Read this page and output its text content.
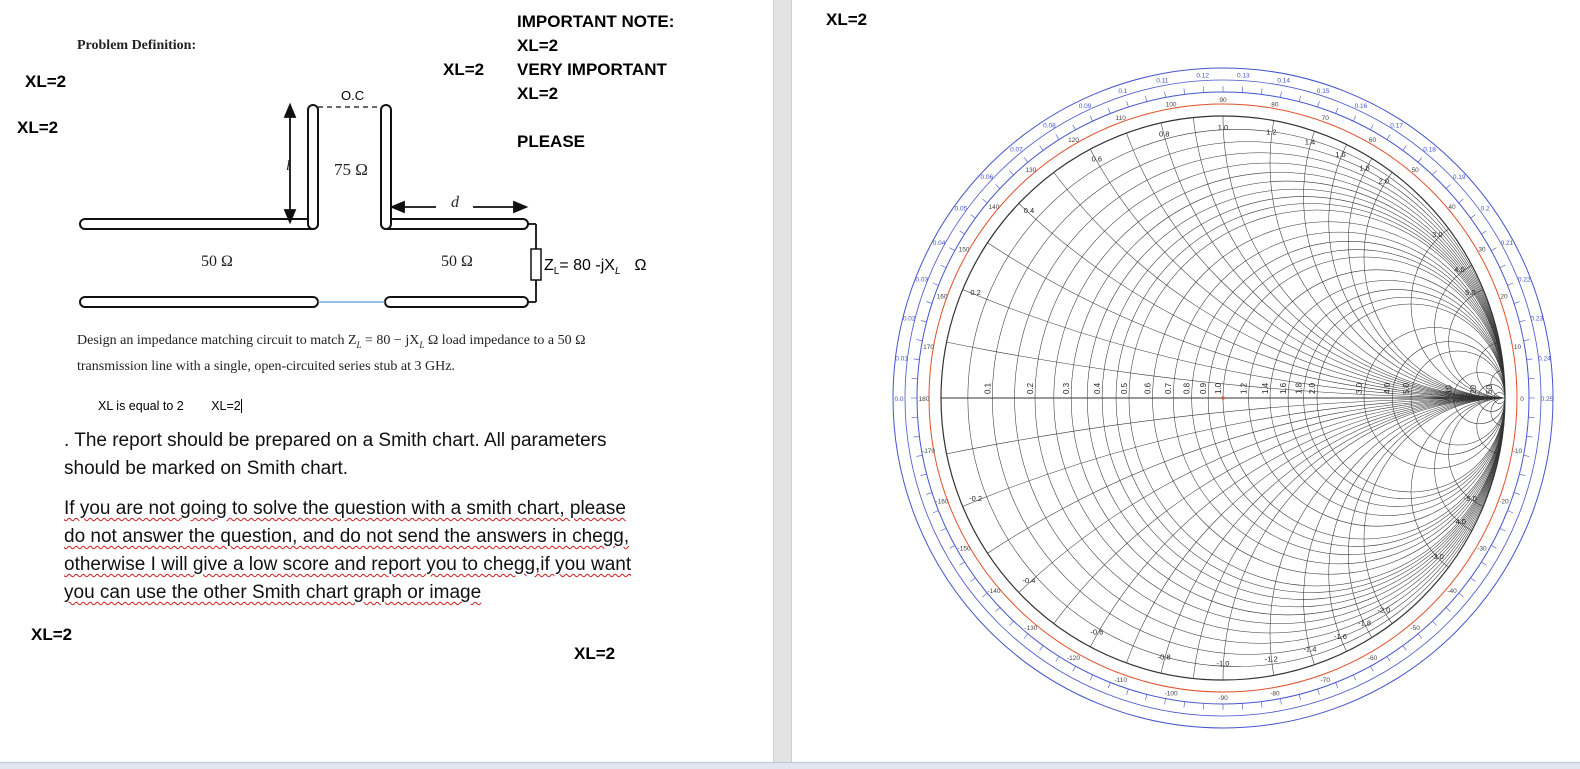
IMPORTANT NOTE:
XL=2
VERY IMPORTANT
XL=2
PLEASE
XL=2
XL=2
XL=2
XL=2
XL=2
Problem Definition:
O.C
l	75 Ω
d
50 Ω	50 Ω	$Z_L= 80$ $-jX_L$ Ω
Design an impedance matching circuit to match $Z_L = 80 - jX_L$ Ω load impedance to a 50 Ω
transmission line with a single, open-circuited series stub at 3 GHz.
XL is equal to 2 XL=2
. The report should be prepared on a Smith chart. All parameters
should be marked on Smith chart.
If you are not going to solve the question with a smith chart, please
do not answer the question, and do not send the answers in chegg,
otherwise I will give a low score and report you to chegg,if you want
you can use the other Smith chart graph or image
XL=2
0.1	0.2	0.3	0.4 0.5 0.6 0.7 0.8 0.9 1.0 1.2 1.4 1.6 1.8 2.0	3.0 4.0 5.0	10 20 50
0.2
-0.2
0.4
-0.4
0.6
-0.6
0.8
-0.8
1.0
-1.0
1.2
-1.2
1.4
-1.4
1.6
-1.6
1.8
-1.8
2.0
-2.0
3.0
-3.0
4.0
-4.0
5.0
-5.0
180
170
-170
160
-160
150
-150
140
-140
130
-130
120
-120
110
-110
100
-100
90
-90
80
-80
70
-70
60
-60
50
-50
40
-40
30
-30
20
-20
10
-10
0
0.0
0.01
0.02
0.03
0.04
0.05
0.06
0.07
0.08
0.09
0.1
0.11
0.12	0.13
0.14
0.15
0.16
0.17
0.18
0.19
0.2
0.21
0.22
0.23
0.24
0.25
